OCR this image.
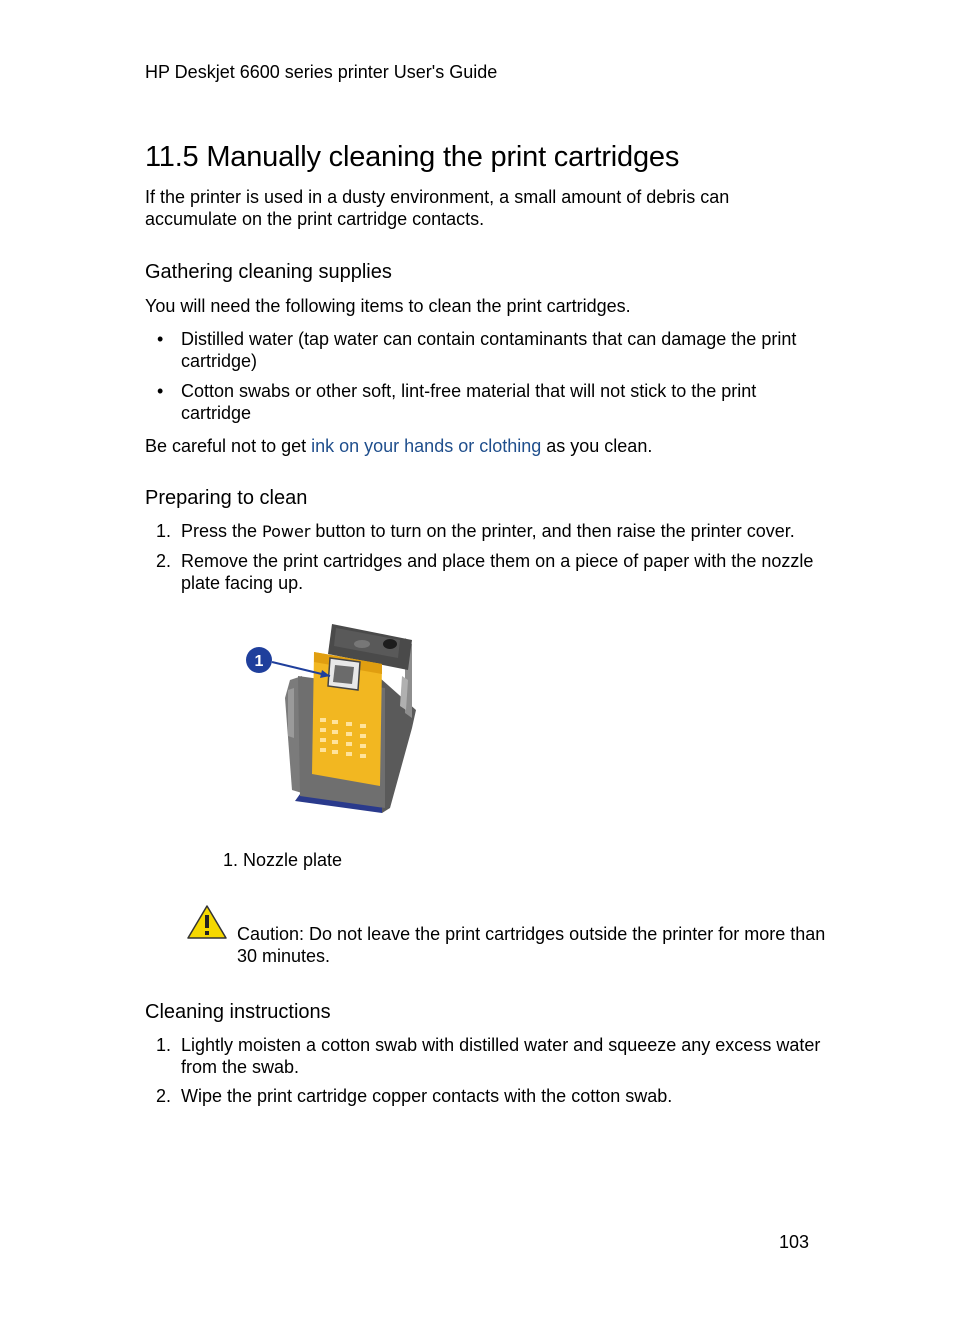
HP Deskjet 6600 series printer User's Guide
11.5 Manually cleaning the print cartridges

If the printer is used in a dusty environment, a small amount of debris can accumulate on the print cartridge contacts.

Gathering cleaning supplies

You will need the following items to clean the print cartridges.

• Distilled water (tap water can contain contaminants that can damage the print cartridge)
• Cotton swabs or other soft, lint-free material that will not stick to the print cartridge

Be careful not to get ink on your hands or clothing as you clean.

Preparing to clean
1. Press the Power button to turn on the printer, and then raise the printer cover.
2. Remove the print cartridges and place them on a piece of paper with the nozzle plate facing up.
1
1. Nozzle plate
Caution: Do not leave the print cartridges outside the printer for more than 30 minutes.
Cleaning instructions
1. Lightly moisten a cotton swab with distilled water and squeeze any excess water from the swab.
2. Wipe the print cartridge copper contacts with the cotton swab.
103
